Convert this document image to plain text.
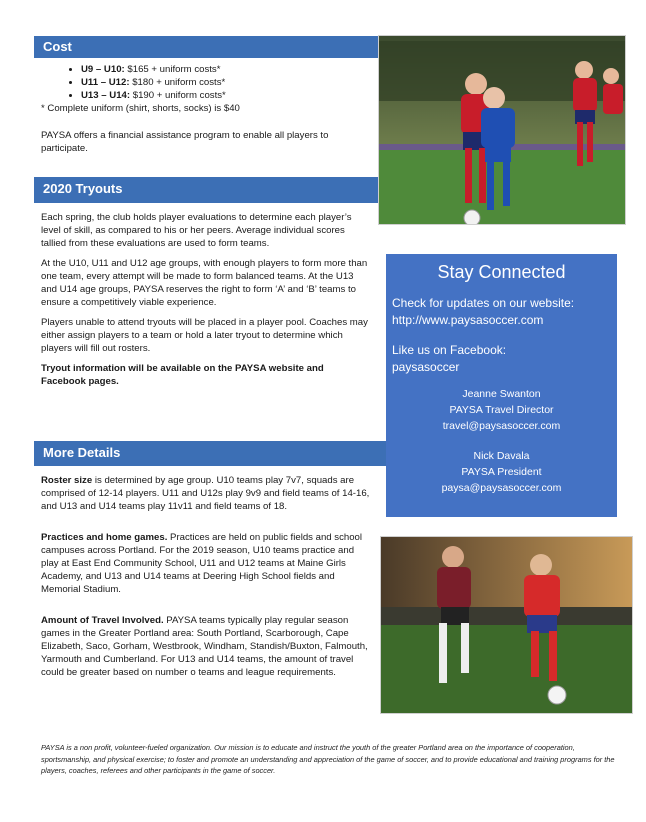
Cost
• U9 – U10: $165 + uniform costs*
• U11 – U12: $180 + uniform costs*
• U13 – U14: $190 + uniform costs*

* Complete uniform (shirt, shorts, socks) is $40

PAYSA offers a financial assistance program to enable all players to participate.

2020 Tryouts

Each spring, the club holds player evaluations to determine each player’s level of skill, as compared to his or her peers. Average individual scores tallied from these evaluations are used to form teams.

At the U10, U11 and U12 age groups, with enough players to form more than one team, every attempt will be made to form balanced teams. At the U13 and U14 age groups, PAYSA reserves the right to form ‘A’ and ‘B’ teams to ensure a competitively viable experience.

Players unable to attend tryouts will be placed in a player pool. Coaches may either assign players to a team or hold a later tryout to determine which players will fill out rosters.

Tryout information will be available on the PAYSA website and Facebook pages.

Stay Connected
Check for updates on our website:
http://www.paysasoccer.com
Like us on Facebook:
paysasoccer
Jeanne Swanton
PAYSA Travel Director
travel@paysasoccer.com
Nick Davala
PAYSA President
paysa@paysasoccer.com
More Details

Roster size is determined by age group. U10 teams play 7v7, squads are comprised of 12-14 players. U11 and U12s play 9v9 and field teams of 14-16, and U13 and U14 teams play 11v11 and field teams of 18.

Practices and home games. Practices are held on public fields and school campuses across Portland. For the 2019 season, U10 teams practice and play at East End Community School, U11 and U12 teams at Maine Girls Academy, and U13 and U14 teams at Deering High School fields and Memorial Stadium.

Amount of Travel Involved. PAYSA teams typically play regular season games in the Greater Portland area: South Portland, Scarborough, Cape Elizabeth, Saco, Gorham, Westbrook, Windham, Standish/Buxton, Falmouth, Yarmouth and Cumberland. For U13 and U14 teams, the amount of travel could be greater based on number o teams and league requirements.

PAYSA is a non profit, volunteer-fueled organization. Our mission is to educate and instruct the youth of the greater Portland area on the importance of cooperation, sportsmanship, and physical exercise; to foster and promote an understanding and appreciation of the game of soccer, and to provide educational and training programs for the players, coaches, referees and other participants in the game of soccer.
